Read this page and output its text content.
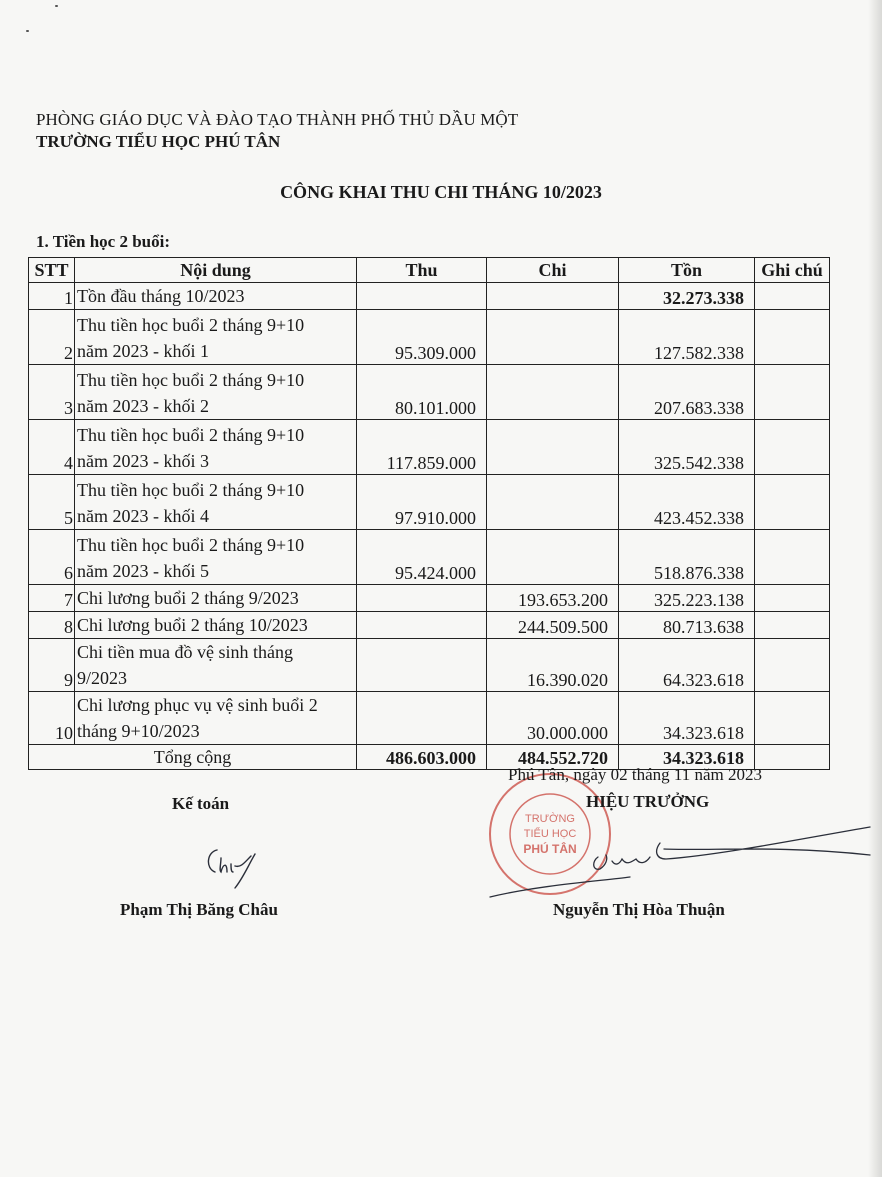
PHÒNG GIÁO DỤC VÀ ĐÀO TẠO THÀNH PHỐ THỦ DẦU MỘT
TRƯỜNG TIỂU HỌC PHÚ TÂN
CÔNG KHAI THU CHI THÁNG 10/2023
1. Tiền học 2 buổi:
STT	Nội dung	Thu	Chi	Tồn	Ghi chú
1	Tồn đầu tháng 10/2023			32.273.338	
2	Thu tiền học buổi 2 tháng 9+10
năm 2023 - khối 1	95.309.000		127.582.338	
3	Thu tiền học buổi 2 tháng 9+10
năm 2023 - khối 2	80.101.000		207.683.338	
4	Thu tiền học buổi 2 tháng 9+10
năm 2023 - khối 3	117.859.000		325.542.338	
5	Thu tiền học buổi 2 tháng 9+10
năm 2023 - khối 4	97.910.000		423.452.338	
6	Thu tiền học buổi 2 tháng 9+10
năm 2023 - khối 5	95.424.000		518.876.338	
7	Chi lương buổi 2 tháng 9/2023		193.653.200	325.223.138	
8	Chi lương buổi 2 tháng 10/2023		244.509.500	80.713.638	
9	Chi tiền mua đồ vệ sinh tháng
9/2023		16.390.020	64.323.618	
10	Chi lương phục vụ vệ sinh buổi 2
tháng 9+10/2023		30.000.000	34.323.618	
Tổng cộng		486.603.000	484.552.720	34.323.618	
TRƯỜNG
TIỂU HỌC
PHÚ TÂN
Phú Tân, ngày 02 tháng 11 năm 2023
Kế toán	HIỆU TRƯỞNG
Phạm Thị Băng Châu	Nguyễn Thị Hòa Thuận
